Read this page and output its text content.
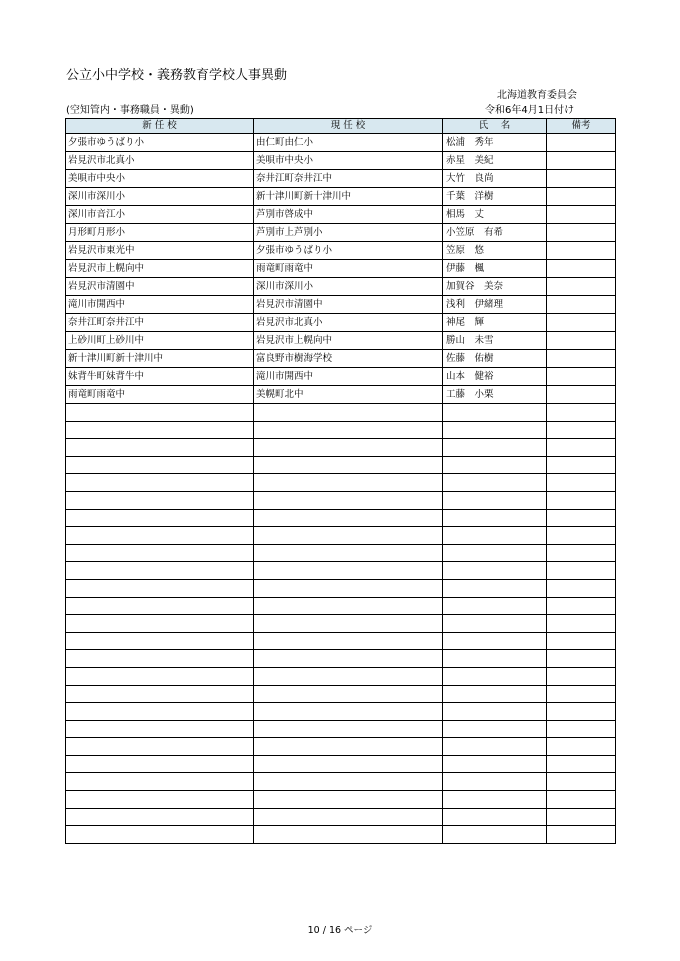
公立小中学校・義務教育学校人事異動
北海道教育委員会
(空知管内・事務職員・異動)	令和6年4月1日付け
新 任 校	現 任 校	氏　 名	備考
夕張市ゆうばり小	由仁町由仁小	松浦　秀年	
岩見沢市北真小	美唄市中央小	赤星　美紀	
美唄市中央小	奈井江町奈井江中	大竹　良尚	
深川市深川小	新十津川町新十津川中	千葉　洋樹	
深川市音江小	芦別市啓成中	相馬　丈	
月形町月形小	芦別市上芦別小	小笠原　有希	
岩見沢市東光中	夕張市ゆうばり小	笠原　悠	
岩見沢市上幌向中	雨竜町雨竜中	伊藤　楓	
岩見沢市清園中	深川市深川小	加賀谷　美奈	
滝川市開西中	岩見沢市清園中	浅利　伊緒理	
奈井江町奈井江中	岩見沢市北真小	神尾　輝	
上砂川町上砂川中	岩見沢市上幌向中	勝山　未雪	
新十津川町新十津川中	富良野市樹海学校	佐藤　佑樹	
妹背牛町妹背牛中	滝川市開西中	山本　健裕	
雨竜町雨竜中	美幌町北中	工藤　小栗	

10 / 16 ページ
